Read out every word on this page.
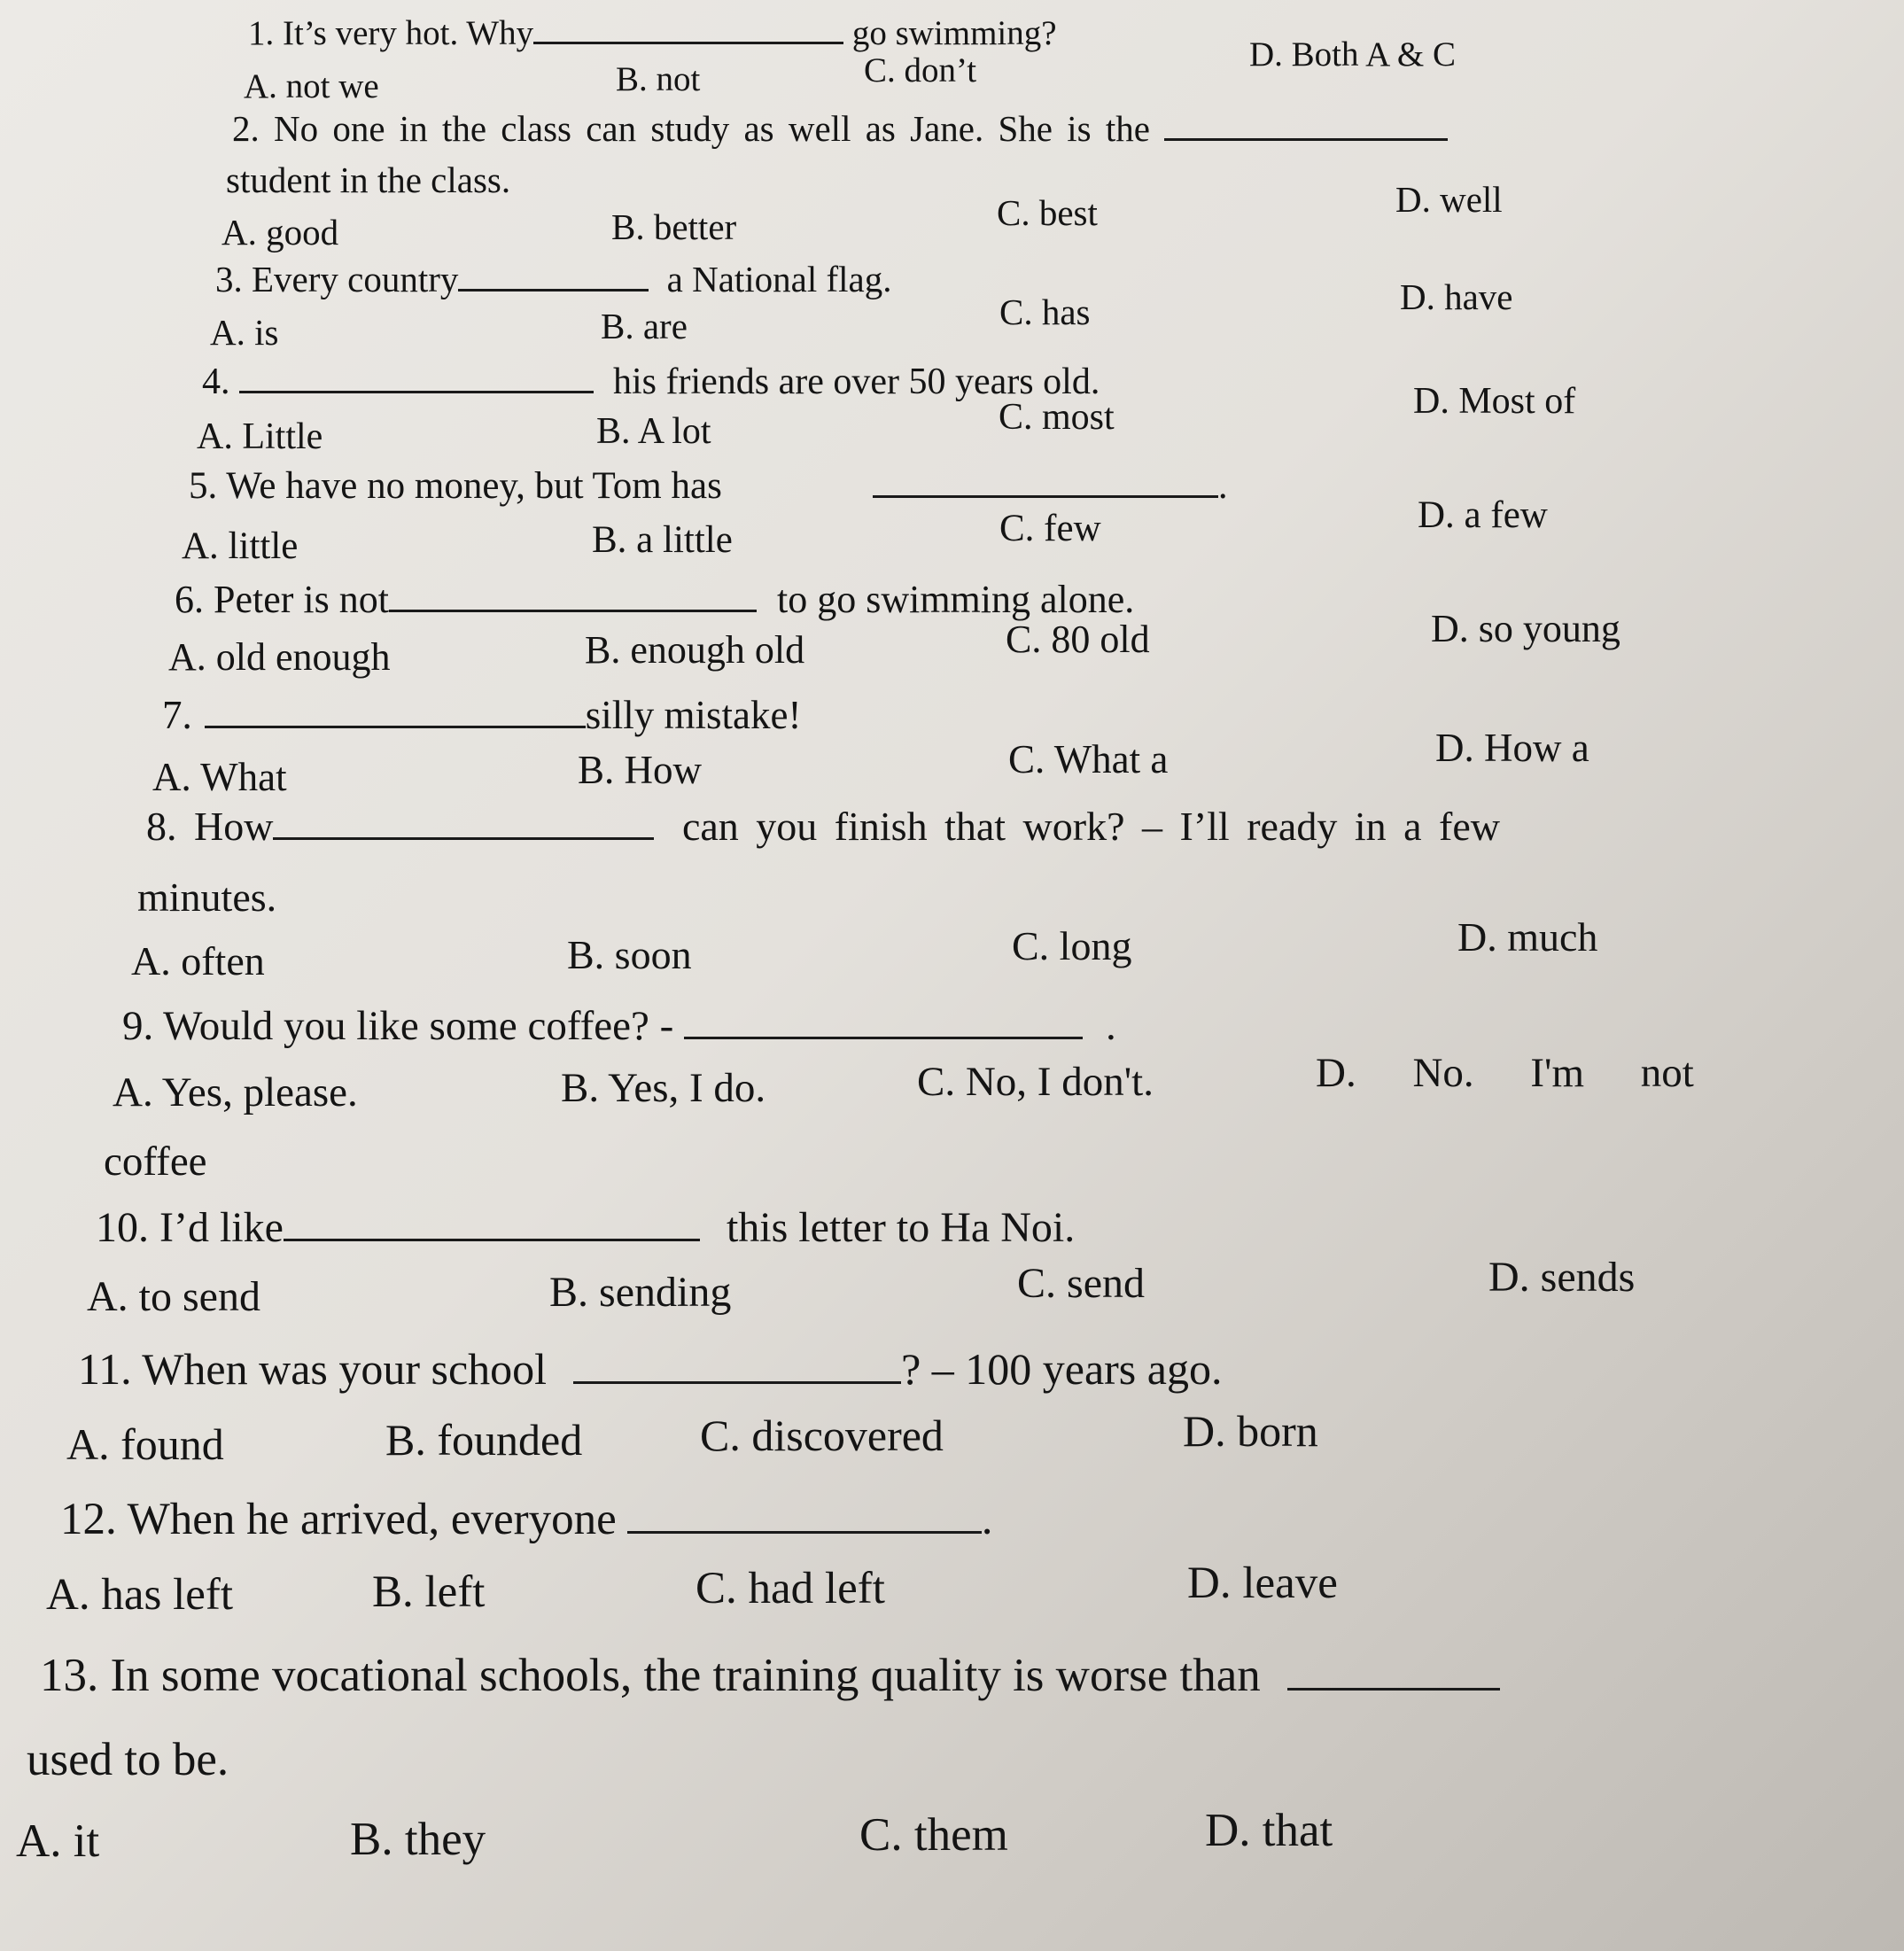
1. It’s very hot. Why	go swimming?
A. not we	B. not	C. don’t	D. Both A & C
2. No one in the class can study as well as Jane. She is the
student in the class.
A. good	B. better	C. best	D. well
3. Every country	a National flag.
A. is	B. are	C. has	D. have
4.	his friends are over 50 years old.
A. Little	B. A lot	C. most	D. Most of
5. We have no money, but Tom has	.
A. little	B. a little	C. few	D. a few
6. Peter is not	to go swimming alone.
A. old enough	B. enough old	C. 80 old	D. so young
7.	silly mistake!
A. What	B. How	C. What a	D. How a
8. How	can you finish that work? – I’ll ready in a few
minutes.
A. often	B. soon	C. long	D. much
9. Would you like some coffee? -	.
A. Yes, please.	B. Yes, I do.	C. No, I don't.	D. No. I'm not
coffee
10. I’d like	this letter to Ha Noi.
A. to send	B. sending	C. send	D. sends
11. When was your school	? – 100 years ago.
A. found	B. founded	C. discovered	D. born
12. When he arrived, everyone	.
A. has left	B. left	C. had left	D. leave
13. In some vocational schools, the training quality is worse than
used to be.
A. it	B. they	C. them	D. that
